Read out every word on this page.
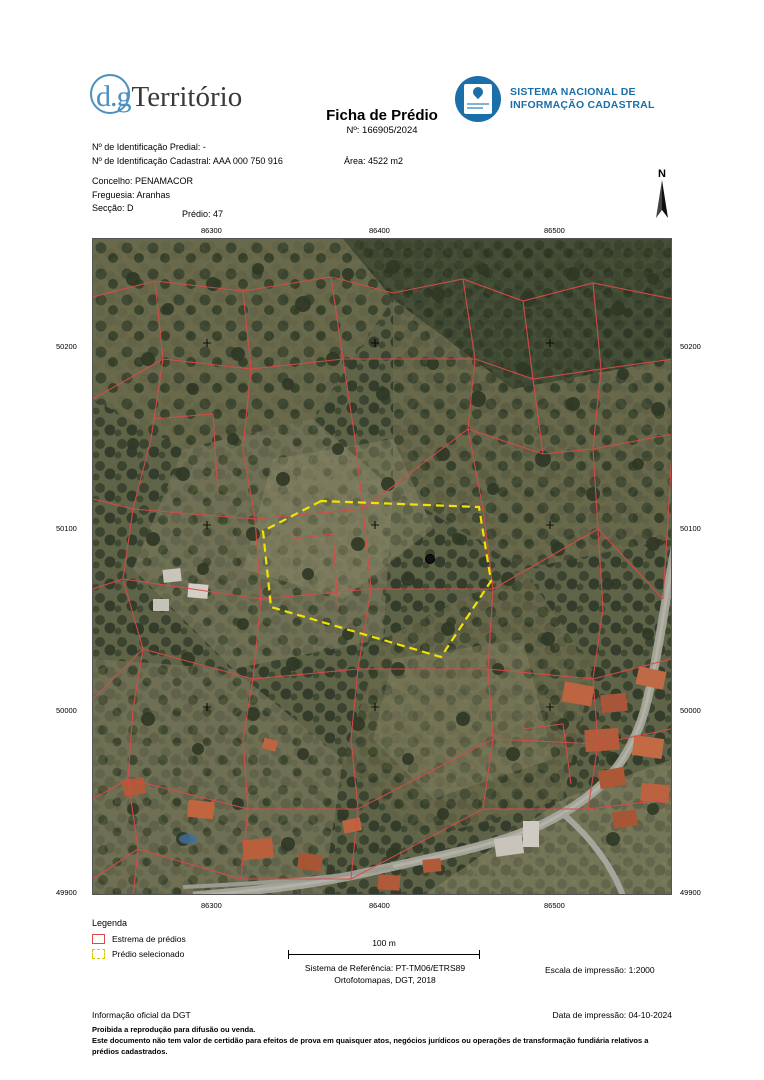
d.g Território	SISTEMA NACIONAL DE
INFORMAÇÃO CADASTRAL
Ficha de Prédio
Nº: 166905/2024
Nº de Identificação Predial: -
Nº de Identificação Cadastral: AAA 000 750 916
Concelho: PENAMACOR
Freguesia: Aranhas
Secção: D
Área: 4522 m2
Prédio: 47
N
86300	86400	86500
86300	86400	86500
50200
50100
50000
49900
50200
50100
50000
49900
Legenda
Estrema de prédios
Prédio selecionado
100 m
Sistema de Referência: PT-TM06/ETRS89
Ortofotomapas, DGT, 2018
Escala de impressão: 1:2000
Informação oficial da DGT	Data de impressão: 04-10-2024
Proibida a reprodução para difusão ou venda.
Este documento não tem valor de certidão para efeitos de prova em quaisquer atos, negócios jurídicos ou operações de transformação fundiária relativos a prédios cadastrados.
